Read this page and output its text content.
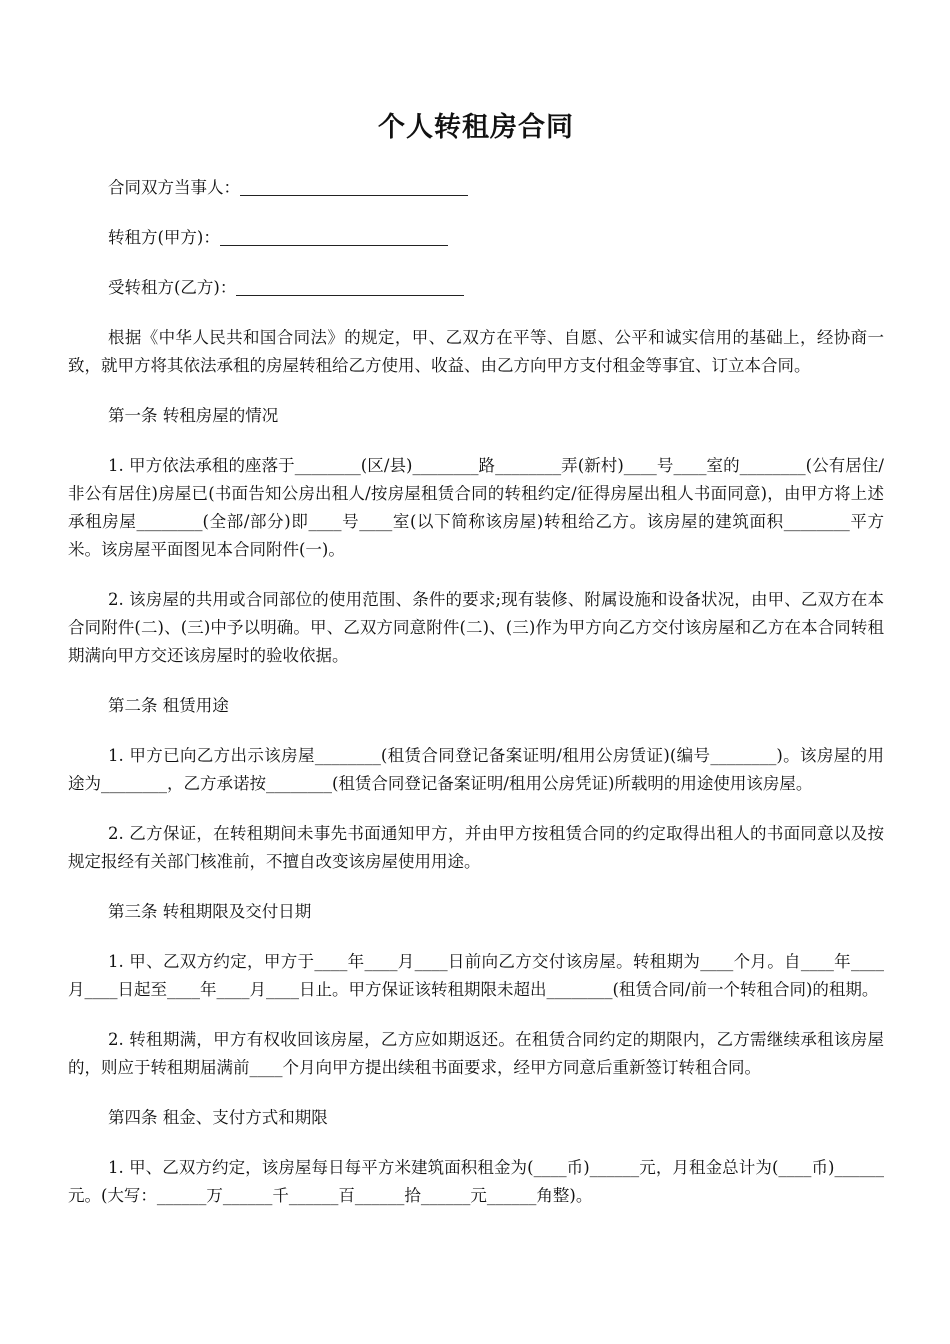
个人转租房合同

合同双方当事人：

转租方(甲方)：

受转租方(乙方)：

根据《中华人民共和国合同法》的规定，甲、乙双方在平等、自愿、公平和诚实信用的基础上，经协商一致，就甲方将其依法承租的房屋转租给乙方使用、收益、由乙方向甲方支付租金等事宜、订立本合同。

第一条 转租房屋的情况

1. 甲方依法承租的座落于________(区/县)________路________弄(新村)____号____室的________(公有居住/非公有居住)房屋已(书面告知公房出租人/按房屋租赁合同的转租约定/征得房屋出租人书面同意)，由甲方将上述承租房屋________(全部/部分)即____号____室(以下简称该房屋)转租给乙方。该房屋的建筑面积________平方米。该房屋平面图见本合同附件(一)。

2. 该房屋的共用或合同部位的使用范围、条件的要求;现有装修、附属设施和设备状况，由甲、乙双方在本合同附件(二)、(三)中予以明确。甲、乙双方同意附件(二)、(三)作为甲方向乙方交付该房屋和乙方在本合同转租期满向甲方交还该房屋时的验收依据。

第二条 租赁用途

1. 甲方已向乙方出示该房屋________(租赁合同登记备案证明/租用公房赁证)(编号________)。该房屋的用途为________，乙方承诺按________(租赁合同登记备案证明/租用公房凭证)所载明的用途使用该房屋。

2. 乙方保证，在转租期间未事先书面通知甲方，并由甲方按租赁合同的约定取得出租人的书面同意以及按规定报经有关部门核准前，不擅自改变该房屋使用用途。

第三条 转租期限及交付日期

1. 甲、乙双方约定，甲方于____年____月____日前向乙方交付该房屋。转租期为____个月。自____年____月____日起至____年____月____日止。甲方保证该转租期限未超出________(租赁合同/前一个转租合同)的租期。

2. 转租期满，甲方有权收回该房屋，乙方应如期返还。在租赁合同约定的期限内，乙方需继续承租该房屋的，则应于转租期届满前____个月向甲方提出续租书面要求，经甲方同意后重新签订转租合同。

第四条 租金、支付方式和期限

1. 甲、乙双方约定，该房屋每日每平方米建筑面积租金为(____币)______元，月租金总计为(____币)______元。(大写：______万______千______百______拾______元______角整)。
